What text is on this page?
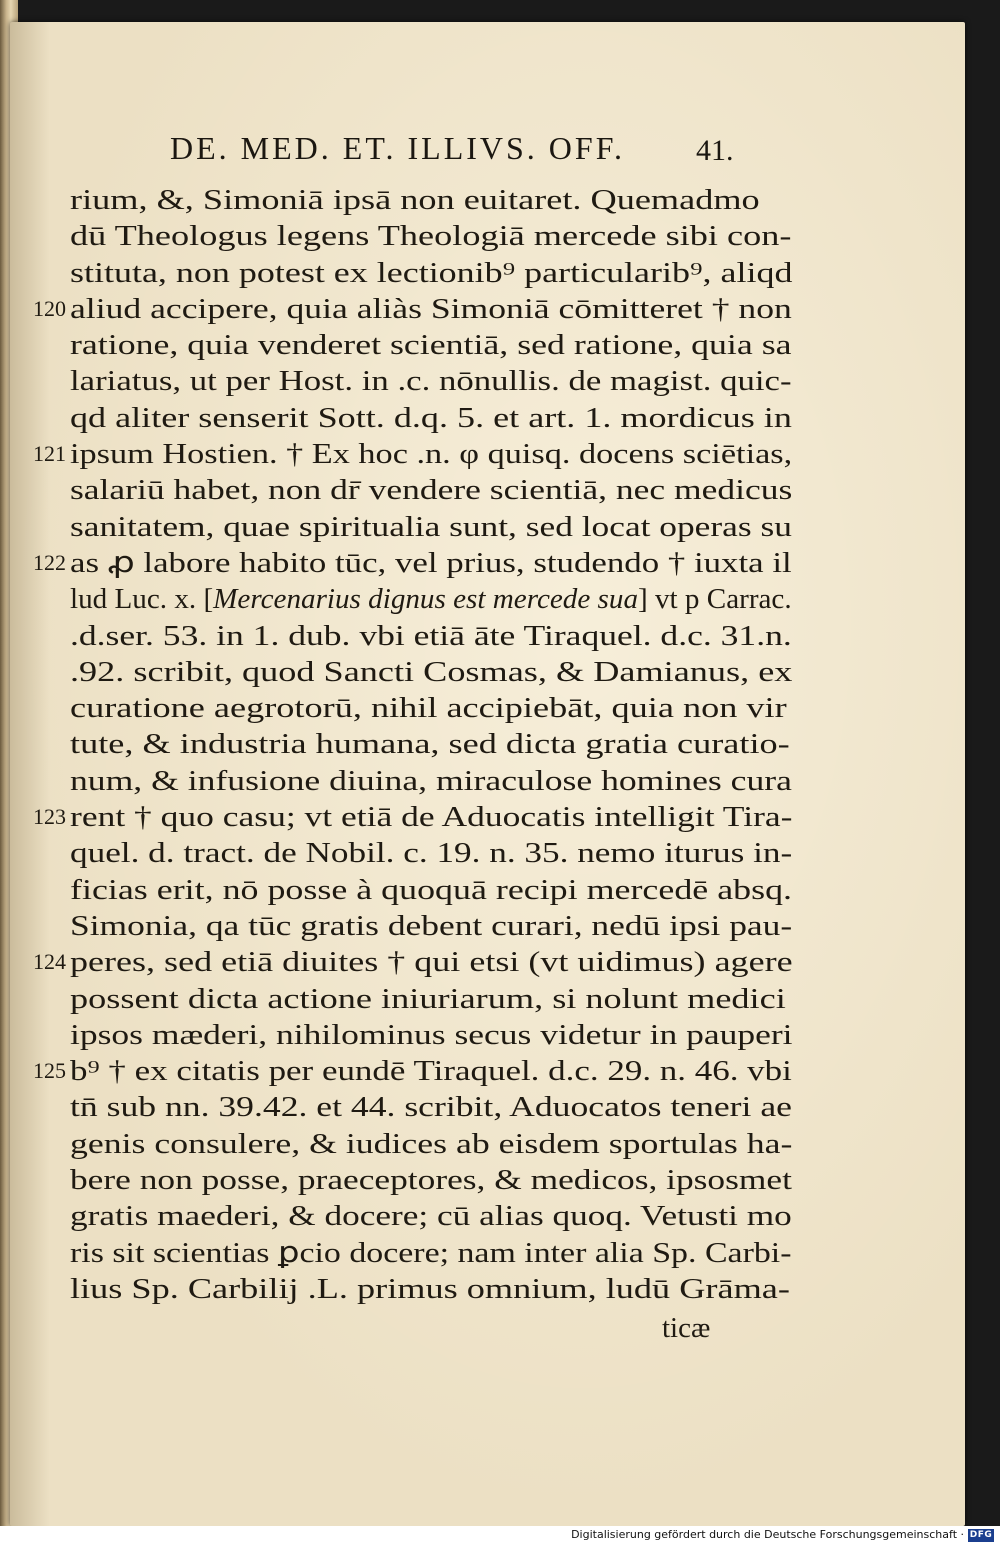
DE. MED. ET. ILLIVS. OFF.	41.
rium, &, Simoniā ipsā non euitaret. Quemadmo
dū Theologus legens Theologiā mercede sibi con-
stituta, non potest ex lectionib⁹ particularib⁹, aliqd
120 aliud accipere, quia aliàs Simoniā cōmitteret † non
ratione, quia venderet scientiā, sed ratione, quia sa
lariatus, ut per Host. in .c. nōnullis. de magist. quic-
qd aliter senserit Sott. d.q. 5. et art. 1. mordicus in
121 ipsum Hostien. † Ex hoc .n. φ quisq. docens sciētias,
salariū habet, non dr̄ vendere scientiā, nec medicus
sanitatem, quae spiritualia sunt, sed locat operas su
122 as ꝓ labore habito tūc, vel prius, studendo † iuxta il
lud Luc. x. [Mercenarius dignus est mercede sua] vt p Carrac.
.d.ser. 53. in 1. dub. vbi etiā āte Tiraquel. d.c. 31.n.
.92. scribit, quod Sancti Cosmas, & Damianus, ex
curatione aegrotorū, nihil accipiebāt, quia non vir
tute, & industria humana, sed dicta gratia curatio-
num, & infusione diuina, miraculose homines cura
123 rent † quo casu; vt etiā de Aduocatis intelligit Tira-
quel. d. tract. de Nobil. c. 19. n. 35. nemo iturus in-
ficias erit, nō posse à quoquā recipi mercedē absq.
Simonia, qa tūc gratis debent curari, nedū ipsi pau-
124 peres, sed etiā diuites † qui etsi (vt uidimus) agere
possent dicta actione iniuriarum, si nolunt medici
ipsos mæderi, nihilominus secus videtur in pauperi
125 b⁹ † ex citatis per eundē Tiraquel. d.c. 29. n. 46. vbi
tn̄ sub nn. 39.42. et 44. scribit, Aduocatos teneri ae
genis consulere, & iudices ab eisdem sportulas ha-
bere non posse, praeceptores, & medicos, ipsosmet
gratis maederi, & docere; cū alias quoq. Vetusti mo
ris sit scientias ꝑcio docere; nam inter alia Sp. Carbi-
lius Sp. Carbilij .L. primus omnium, ludū Grāma-
ticæ
Digitalisierung gefördert durch die Deutsche Forschungsgemeinschaft · DFG
